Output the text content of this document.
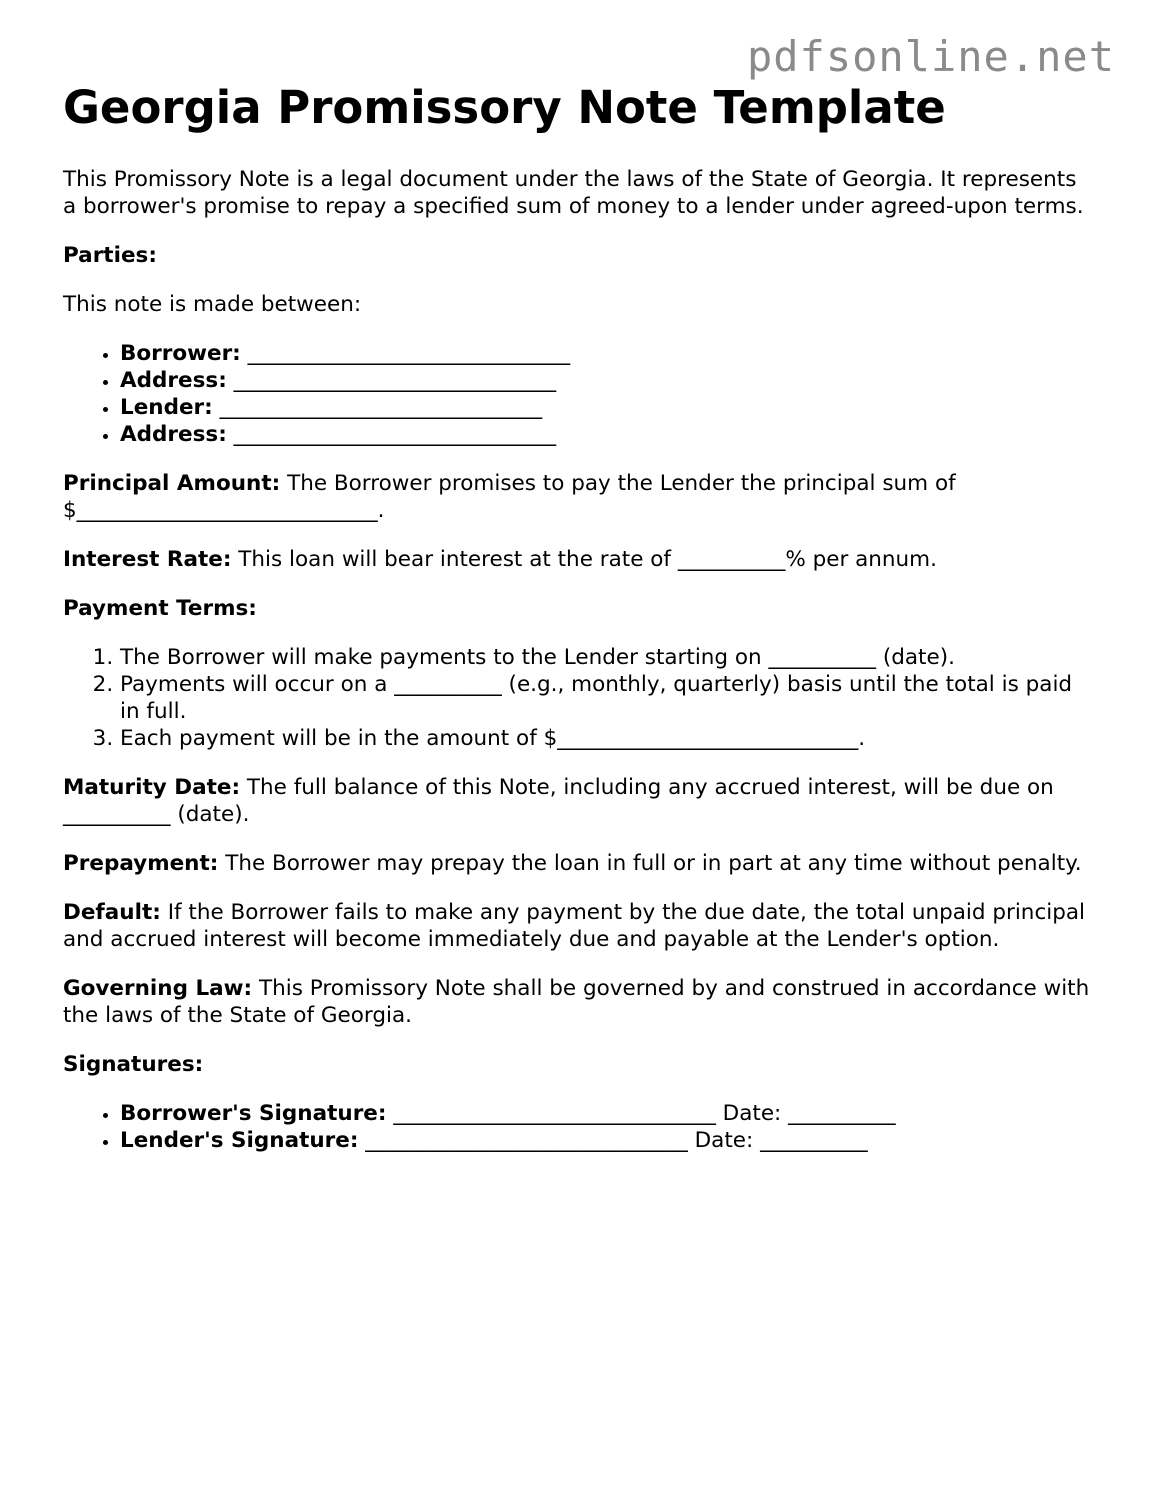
pdfsonline.net
Georgia Promissory Note Template

This Promissory Note is a legal document under the laws of the State of Georgia. It represents a borrower's promise to repay a specified sum of money to a lender under agreed-upon terms.

Parties:

This note is made between:

• Borrower: ______________________________
• Address: ______________________________
• Lender: ______________________________
• Address: ______________________________

Principal Amount: The Borrower promises to pay the Lender the principal sum of $____________________________.

Interest Rate: This loan will bear interest at the rate of __________% per annum.

Payment Terms:

1. The Borrower will make payments to the Lender starting on __________ (date).
2. Payments will occur on a __________ (e.g., monthly, quarterly) basis until the total is paid in full.
3. Each payment will be in the amount of $____________________________.

Maturity Date: The full balance of this Note, including any accrued interest, will be due on __________ (date).

Prepayment: The Borrower may prepay the loan in full or in part at any time without penalty.

Default: If the Borrower fails to make any payment by the due date, the total unpaid principal and accrued interest will become immediately due and payable at the Lender's option.

Governing Law: This Promissory Note shall be governed by and construed in accordance with the laws of the State of Georgia.

Signatures:

• Borrower's Signature: ______________________________ Date: __________
• Lender's Signature: ______________________________ Date: __________
